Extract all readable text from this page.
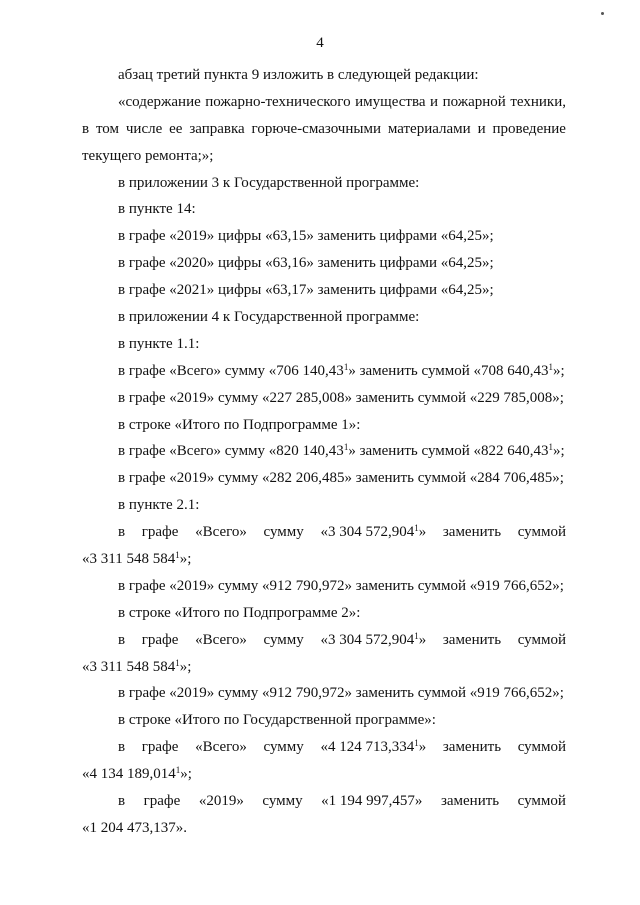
4
абзац третий пункта 9 изложить в следующей редакции:
«содержание пожарно-технического имущества и пожарной техники,
в том числе ее заправка горюче-смазочными материалами и проведение
текущего ремонта;»;
в приложении 3 к Государственной программе:
в пункте 14:
в графе «2019» цифры «63,15» заменить цифрами «64,25»;
в графе «2020» цифры «63,16» заменить цифрами «64,25»;
в графе «2021» цифры «63,17» заменить цифрами «64,25»;
в приложении 4 к Государственной программе:
в пункте 1.1:
в графе «Всего» сумму «706 140,43$^1$» заменить суммой «708 640,43$^1$»;
в графе «2019» сумму «227 285,008» заменить суммой «229 785,008»;
в строке «Итого по Подпрограмме 1»:
в графе «Всего» сумму «820 140,43$^1$» заменить суммой «822 640,43$^1$»;
в графе «2019» сумму «282 206,485» заменить суммой «284 706,485»;
в пункте 2.1:
в графе «Всего» сумму «3 304 572,904$^1$» заменить суммой
«3 311 548 $584^1$»;
в графе «2019» сумму «912 790,972» заменить суммой «919 766,652»;
в строке «Итого по Подпрограмме 2»:
в графе «Всего» сумму «3 304 572,904$^1$» заменить суммой
«3 311 548 $584^1$»;
в графе «2019» сумму «912 790,972» заменить суммой «919 766,652»;
в строке «Итого по Государственной программе»:
в графе «Всего» сумму «4 124 713,334$^1$» заменить суммой
«4 134 189,014$^1$»;
в графе «2019» сумму «1 194 997,457» заменить суммой
«1 204 473,137».
